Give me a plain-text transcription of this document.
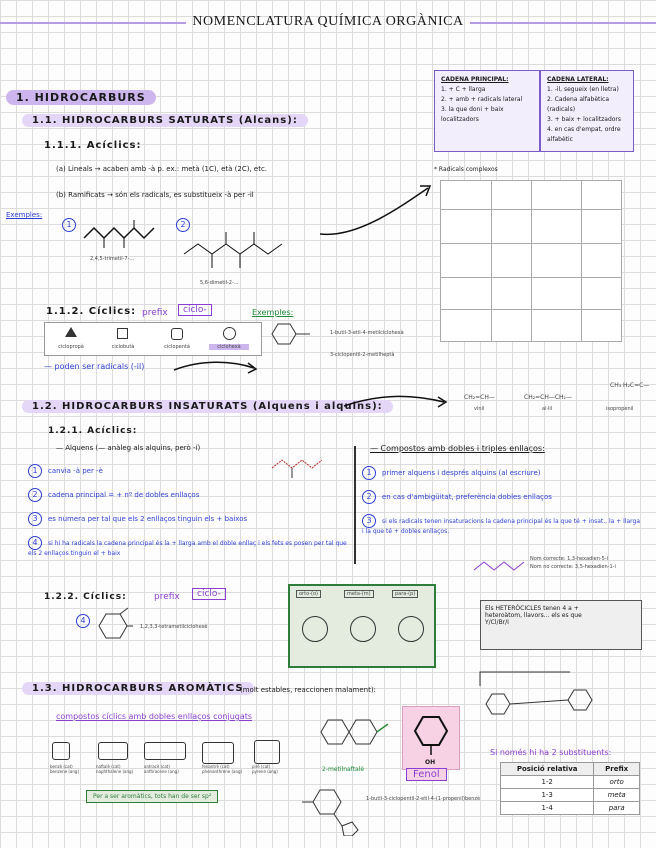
NOMENCLATURA QUÍMICA ORGÀNICA
1. HIDROCARBURS
CADENA PRINCIPAL:
1. + C + llarga
2. + amb + radicals lateral
3. la que doni + baix localitzadors
CADENA LATERAL:
1. -il, segueix (en lletra)
2. Cadena alfabètica (radicals)
3. + baix + localitzadors
4. en cas d'empat, ordre alfabètic
1.1. HIDROCARBURS SATURATS (Alcans):
1.1.1. Acíclics:
(a) Lineals → acaben amb -à p. ex.: metà (1C), età (2C), etc.
(b) Ramificats → són els radicals, es substitueix -à per -il
Exemples:
1
2,4,5-trimetil-7-...
2
5,6-dimetil-2-...
* Radicals complexos
1.1.2. Cíclics: prefix	ciclo-	Exemples:
ciclopropà	ciclobutà	ciclopentà	ciclohexà
1-butil-3-etil-4-metilciclohexà
3-ciclopentil-2-metilheptà
— poden ser radicals (-il)
1.2. HIDROCARBURS INSATURATS (Alquens i alquins):
CH₂=CH—
vinil
CH₂=CH—CH₂—
al·lil
CH₃ H₂C=C—
isopropenil
1.2.1. Acíclics:
— Alquens (— anàleg als alquins, però -í)
1 canvia -à per -è
2 cadena principal = + nº de dobles enllaços
3 es numera per tal que els 2 enllaços tinguin els + baixos
4 si hi ha radicals la cadena principal és la + llarga amb el doble enllaç i els fets es posen per tal que els 2 enllaços tinguin el + baix
— Compostos amb dobles i triples enllaços:
1 primer alquens i després alquins (al escriure)
2 en cas d'ambigüitat, preferència dobles enllaços
3 si els radicals tenen insaturacions la cadena principal és la que té + insat., la + llarga i la que té + dobles enllaços.
Nom correcte: 1,3-hexadien-5-í
Nom no correcte: 3,5-hexadien-1-í
1.2.2. Cíclics:	prefix	ciclo-
4
1,2,3,3-tetrametilciclohexè
orto-(o)	meta-(m)	para-(p)
Els HETERÒCICLES tenen 4 a + heteroàtom, llavors... els es que Y/Cl/Br/I
1.3. HIDROCARBURS AROMÀTICS
(molt estables, reaccionen malament):
compostos cíclics amb dobles enllaços conjugats
benzè (cat)
benzene (ang)
naftalè (cat)
naphthalene (ang)
antracè (cat)
anthracene (ang)
fenantrè (cat)
phenanthrene (ang)
pirè (cat)
pyrene (ang)
Per a ser aromàtics, tots han de ser sp²
2-metilnaftalè
OH
Fenol
1-butil-3-ciclopentil-2-etil-4-(1-propenil)benzè
Si només hi ha 2 substituents:
Posició relativa	Prefix
1-2	orto
1-3	meta
1-4	para
